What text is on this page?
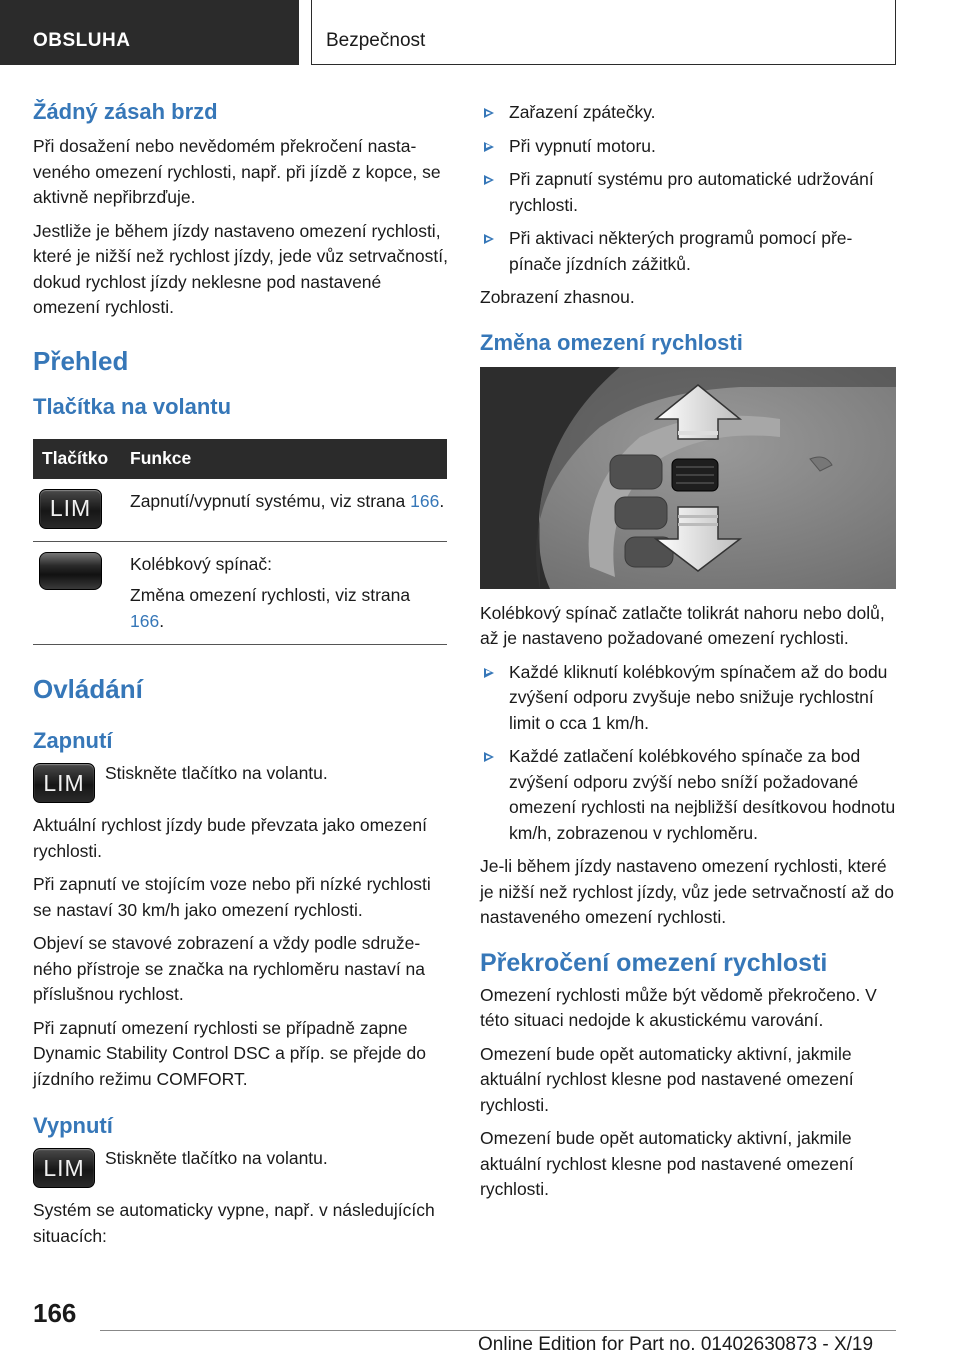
OBSLUHA	Bezpečnost
Žádný zásah brzd

Při dosažení nebo nevědomém překročení nastaveného omezení rychlosti, např. při jízdě z kopce, se aktivně nepřibrzďuje.

Jestliže je během jízdy nastaveno omezení rychlosti, které je nižší než rychlost jízdy, jede vůz setrvačností, dokud rychlost jízdy neklesne pod nastavené omezení rychlosti.

Přehled
Tlačítka na volantu
Tlačítko	Funkce
LIM	Zapnutí/vypnutí systému, viz strana 166.

	Kolébkový spínač:

Změna omezení rychlosti, viz strana 166.

Ovládání
Zapnutí
LIM	Stiskněte tlačítko na volantu.

Aktuální rychlost jízdy bude převzata jako omezení rychlosti.

Při zapnutí ve stojícím voze nebo při nízké rychlosti se nastaví 30 km/h jako omezení rychlosti.

Objeví se stavové zobrazení a vždy podle sdruženého přístroje se značka na rychloměru nastaví na příslušnou rychlost.

Při zapnutí omezení rychlosti se případně zapne Dynamic Stability Control DSC a příp. se přejde do jízdního režimu COMFORT.

Vypnutí
LIM	Stiskněte tlačítko na volantu.

Systém se automaticky vypne, např. v následujících situacích:

Zařazení zpátečky.
Při vypnutí motoru.
Při zapnutí systému pro automatické udržování rychlosti.
Při aktivaci některých programů pomocí přepínače jízdních zážitků.

Zobrazení zhasnou.

Změna omezení rychlosti

Kolébkový spínač zatlačte tolikrát nahoru nebo dolů, až je nastaveno požadované omezení rychlosti.

Každé kliknutí kolébkovým spínačem až do bodu zvýšení odporu zvyšuje nebo snižuje rychlostní limit o cca 1 km/h.
Každé zatlačení kolébkového spínače za bod zvýšení odporu zvýší nebo sníží požadované omezení rychlosti na nejbližší desítkovou hodnotu km/h, zobrazenou v rychloměru.

Je-li během jízdy nastaveno omezení rychlosti, které je nižší než rychlost jízdy, vůz jede setrvačností až do nastaveného omezení rychlosti.

Překročení omezení rychlosti

Omezení rychlosti může být vědomě překročeno. V této situaci nedojde k akustickému varování.

Omezení bude opět automaticky aktivní, jakmile aktuální rychlost klesne pod nastavené omezení rychlosti.

Omezení bude opět automaticky aktivní, jakmile aktuální rychlost klesne pod nastavené omezení rychlosti.

166
Online Edition for Part no. 01402630873 - X/19
